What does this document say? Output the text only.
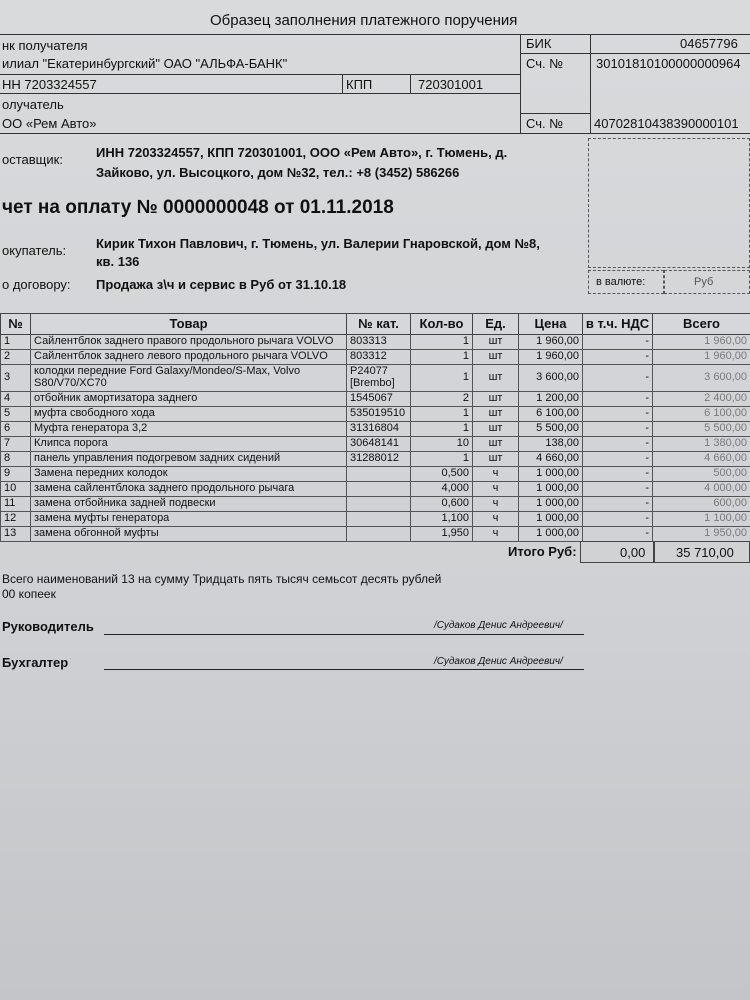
Образец заполнения платежного поручения
нк получателя
илиал "Екатеринбургский" ОАО "АЛЬФА-БАНК"
БИК	04657796
Сч. №	30101810100000000964
НН 7203324557	КПП	720301001
олучатель
ОО «Рем Авто»	Сч. № 40702810438390000101
оставщик:	ИНН 7203324557, КПП 720301001, ООО «Рем Авто», г. Тюмень, д.
Зайково, ул. Высоцкого, дом №32, тел.: +8 (3452) 586266
чет на оплату № 0000000048 от 01.11.2018
окупатель: Кирик Тихон Павлович, г. Тюмень, ул. Валерии Гнаровской, дом №8,
кв. 136
о договору: Продажа з\ч и сервис в Руб от 31.10.18	в валюте:	Руб
№	Товар	№ кат.	Кол-во	Ед.	Цена	в т.ч. НДС	Всего
1	Сайлентблок заднего правого продольного рычага VOLVO	803313	1	шт	1 960,00	-	1 960,00
2	Сайлентблок заднего левого продольного рычага VOLVO	803312	1	шт	1 960,00	-	1 960,00
3	колодки передние Ford Galaxy/Mondeo/S-Max, Volvo S80/V70/XC70	P24077 [Brembo]	1	шт	3 600,00	-	3 600,00
4	отбойник амортизатора заднего	1545067	2	шт	1 200,00	-	2 400,00
5	муфта свободного хода	535019510	1	шт	6 100,00	-	6 100,00
6	Муфта генератора 3,2	31316804	1	шт	5 500,00	-	5 500,00
7	Клипса порога	30648141	10	шт	138,00	-	1 380,00
8	панель управления подогревом задних сидений	31288012	1	шт	4 660,00	-	4 660,00
9	Замена передних колодок		0,500	ч	1 000,00	-	500,00
10	замена сайлентблока заднего продольного рычага		4,000	ч	1 000,00	-	4 000,00
11	замена отбойника задней подвески		0,600	ч	1 000,00	-	600,00
12	замена муфты генератора		1,100	ч	1 000,00	-	1 100,00
13	замена обгонной муфты		1,950	ч	1 000,00	-	1 950,00
Итого Руб:	0,00 35 710,00
Всего наименований 13 на сумму Тридцать пять тысяч семьсот десять рублей
00 копеек
Руководитель	/Судаков Денис Андреевич/
Бухгалтер	/Судаков Денис Андреевич/
